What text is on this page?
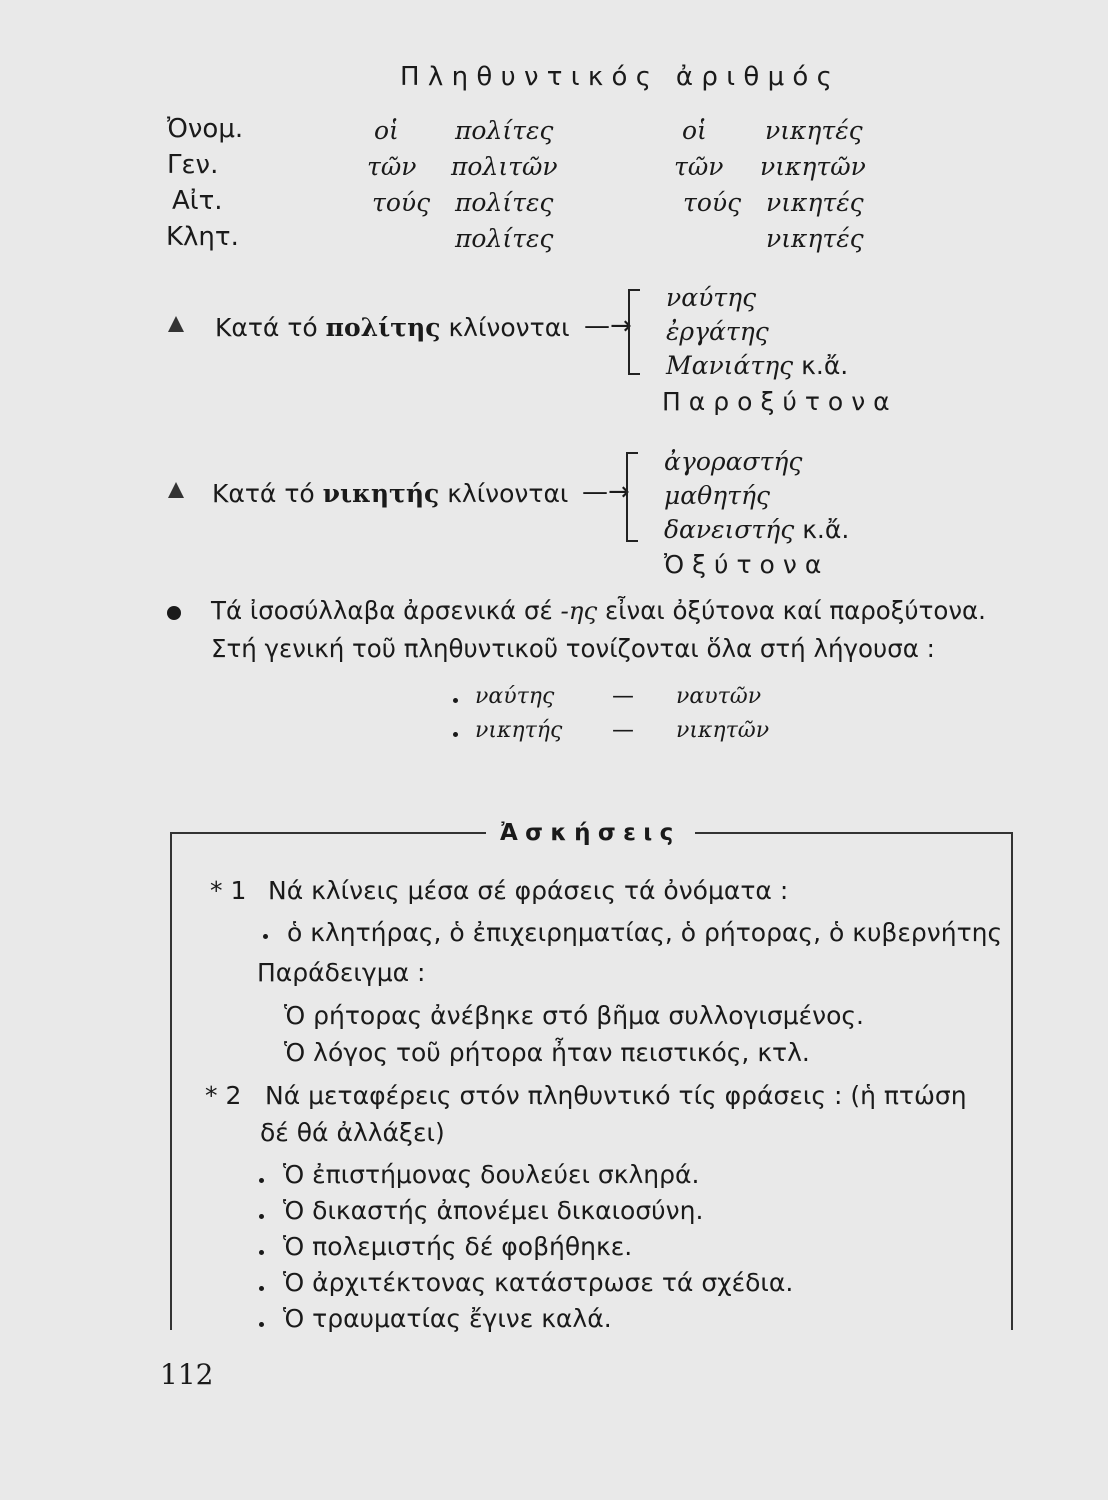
Πληθυντικός ἀριθμός
Ὀνομ.	οἱ πολίτες	οἱ νικητές
Γεν.	τῶν πολιτῶν	τῶν νικητῶν
Αἰτ.	τούς πολίτες	τούς νικητές
Κλητ.	πολίτες	νικητές
Κατά τό πολίτης κλίνονται —→
ναύτης
ἐργάτης
Μανιάτης κ.ἄ.
Παροξύτονα
Κατά τό νικητής κλίνονται —→
ἀγοραστής
μαθητής
δανειστής κ.ἄ.
Ὀξύτονα
Τά ἰσοσύλλαβα ἀρσενικά σέ -ης εἶναι ὀξύτονα καί παροξύτονα.
Στή γενική τοῦ πληθυντικοῦ τονίζονται ὅλα στή λήγουσα :
ναύτης	— ναυτῶν
νικητής — νικητῶν
Ἀσκήσεις
* 1 Νά κλίνεις μέσα σέ φράσεις τά ὀνόματα :
ὁ κλητήρας, ὁ ἐπιχειρηματίας, ὁ ρήτορας, ὁ κυβερνήτης
Παράδειγμα :
Ὁ ρήτορας ἀνέβηκε στό βῆμα συλλογισμένος.
Ὁ λόγος τοῦ ρήτορα ἦταν πειστικός, κτλ.
* 2 Νά μεταφέρεις στόν πληθυντικό τίς φράσεις : (ἡ πτώση
δέ θά ἀλλάξει)
Ὁ ἐπιστήμονας δουλεύει σκληρά.
Ὁ δικαστής ἀπονέμει δικαιοσύνη.
Ὁ πολεμιστής δέ φοβήθηκε.
Ὁ ἀρχιτέκτονας κατάστρωσε τά σχέδια.
Ὁ τραυματίας ἔγινε καλά.
112
